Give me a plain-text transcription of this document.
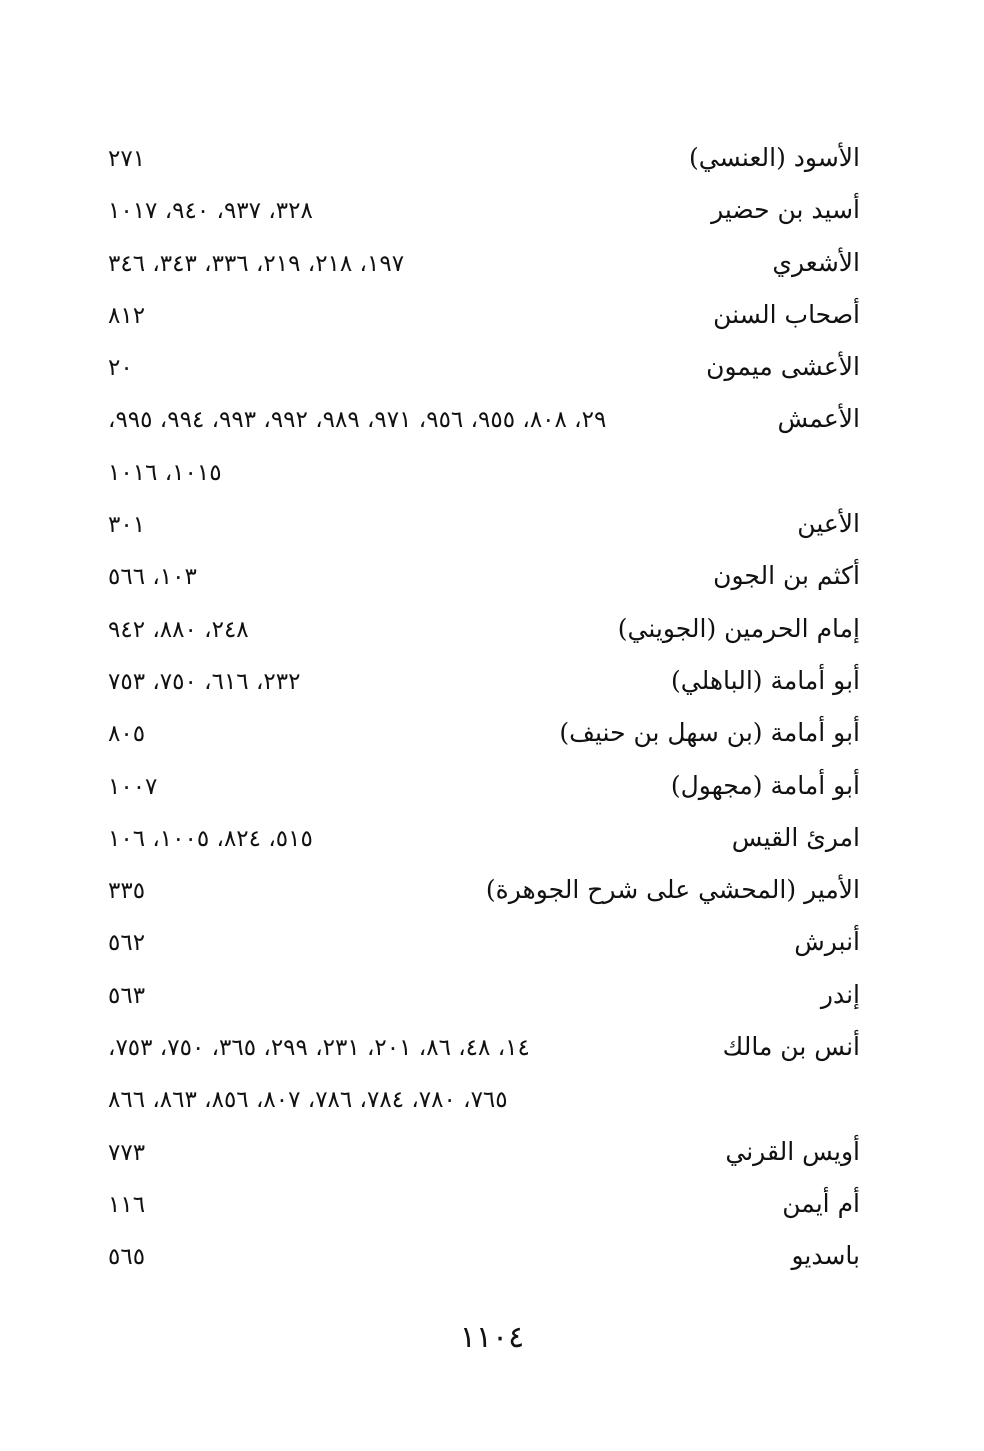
الأسود (العنسي)
٢٧١
أسيد بن حضير
٣٢٨، ٩٣٧، ٩٤٠، ١٠١٧
الأشعري
١٩٧، ٢١٨، ٢١٩، ٣٣٦، ٣٤٣، ٣٤٦
أصحاب السنن
٨١٢
الأعشى ميمون
٢٠
الأعمش
٢٩، ٨٠٨، ٩٥٥، ٩٥٦، ٩٧١، ٩٨٩، ٩٩٢، ٩٩٣، ٩٩٤، ٩٩٥،
١٠١٥، ١٠١٦
الأعين
٣٠١
أكثم بن الجون
١٠٣، ٥٦٦
إمام الحرمين (الجويني)
٢٤٨، ٨٨٠، ٩٤٢
أبو أمامة (الباهلي)
٢٣٢، ٦١٦، ٧٥٠، ٧٥٣
أبو أمامة (بن سهل بن حنيف)
٨٠٥
أبو أمامة (مجهول)
١٠٠٧
امرئ القيس
٥١٥، ٨٢٤، ١٠٠٥، ١٠٦
الأمير (المحشي على شرح الجوهرة)
٣٣٥
أنبرش
٥٦٢
إندر
٥٦٣
أنس بن مالك
١٤، ٤٨، ٨٦، ٢٠١، ٢٣١، ٢٩٩، ٣٦٥، ٧٥٠، ٧٥٣،
٧٦٥، ٧٨٠، ٧٨٤، ٧٨٦، ٨٠٧، ٨٥٦، ٨٦٣، ٨٦٦
أويس القرني
٧٧٣
أم أيمن
١١٦
باسديو
٥٦٥
١١٠٤
